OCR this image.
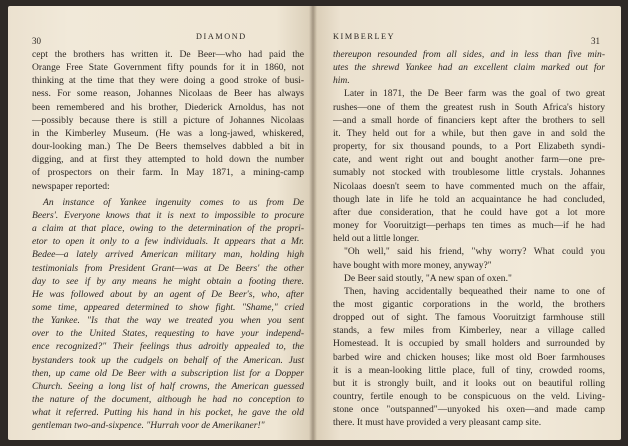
30	DIAMOND
cept the brothers has written it. De Beer—who had paid the
Orange Free State Government fifty pounds for it in 1860, not
thinking at the time that they were doing a good stroke of busi-
ness. For some reason, Johannes Nicolaas de Beer has always
been remembered and his brother, Diederick Arnoldus, has not
—possibly because there is still a picture of Johannes Nicolaas
in the Kimberley Museum. (He was a long-jawed, whiskered,
dour-looking man.) The De Beers themselves dabbled a bit in
digging, and at first they attempted to hold down the number
of prospectors on their farm. In May 1871, a mining-camp
newspaper reported:
An instance of Yankee ingenuity comes to us from De
Beers'. Everyone knows that it is next to impossible to procure
a claim at that place, owing to the determination of the propri-
etor to open it only to a few individuals. It appears that a Mr.
Bedee—a lately arrived American military man, holding high
testimonials from President Grant—was at De Beers' the other
day to see if by any means he might obtain a footing there.
He was followed about by an agent of De Beer's, who, after
some time, appeared determined to show fight. "Shame," cried
the Yankee. "Is that the way we treated you when you sent
over to the United States, requesting to have your independ-
ence recognized?" Their feelings thus adroitly appealed to, the
bystanders took up the cudgels on behalf of the American. Just
then, up came old De Beer with a subscription list for a Dopper
Church. Seeing a long list of half crowns, the American guessed
the nature of the document, although he had no conception to
what it referred. Putting his hand in his pocket, he gave the old
gentleman two-and-sixpence. "Hurrah voor de Amerikaner!"
KIMBERLEY	31
thereupon resounded from all sides, and in less than five min-
utes the shrewd Yankee had an excellent claim marked out for
him.
Later in 1871, the De Beer farm was the goal of two great
rushes—one of them the greatest rush in South Africa's history
—and a small horde of financiers kept after the brothers to sell
it. They held out for a while, but then gave in and sold the
property, for six thousand pounds, to a Port Elizabeth syndi-
cate, and went right out and bought another farm—one pre-
sumably not stocked with troublesome little crystals. Johannes
Nicolaas doesn't seem to have commented much on the affair,
though late in life he told an acquaintance he had concluded,
after due consideration, that he could have got a lot more
money for Vooruitzigt—perhaps ten times as much—if he had
held out a little longer.
"Oh well," said his friend, "why worry? What could you
have bought with more money, anyway?"
De Beer said stoutly, "A new span of oxen."
Then, having accidentally bequeathed their name to one of
the most gigantic corporations in the world, the brothers
dropped out of sight. The famous Vooruitzigt farmhouse still
stands, a few miles from Kimberley, near a village called
Homestead. It is occupied by small holders and surrounded by
barbed wire and chicken houses; like most old Boer farmhouses
it is a mean-looking little place, full of tiny, crowded rooms,
but it is strongly built, and it looks out on beautiful rolling
country, fertile enough to be conspicuous on the veld. Living-
stone once "outspanned"—unyoked his oxen—and made camp
there. It must have provided a very pleasant camp site.
